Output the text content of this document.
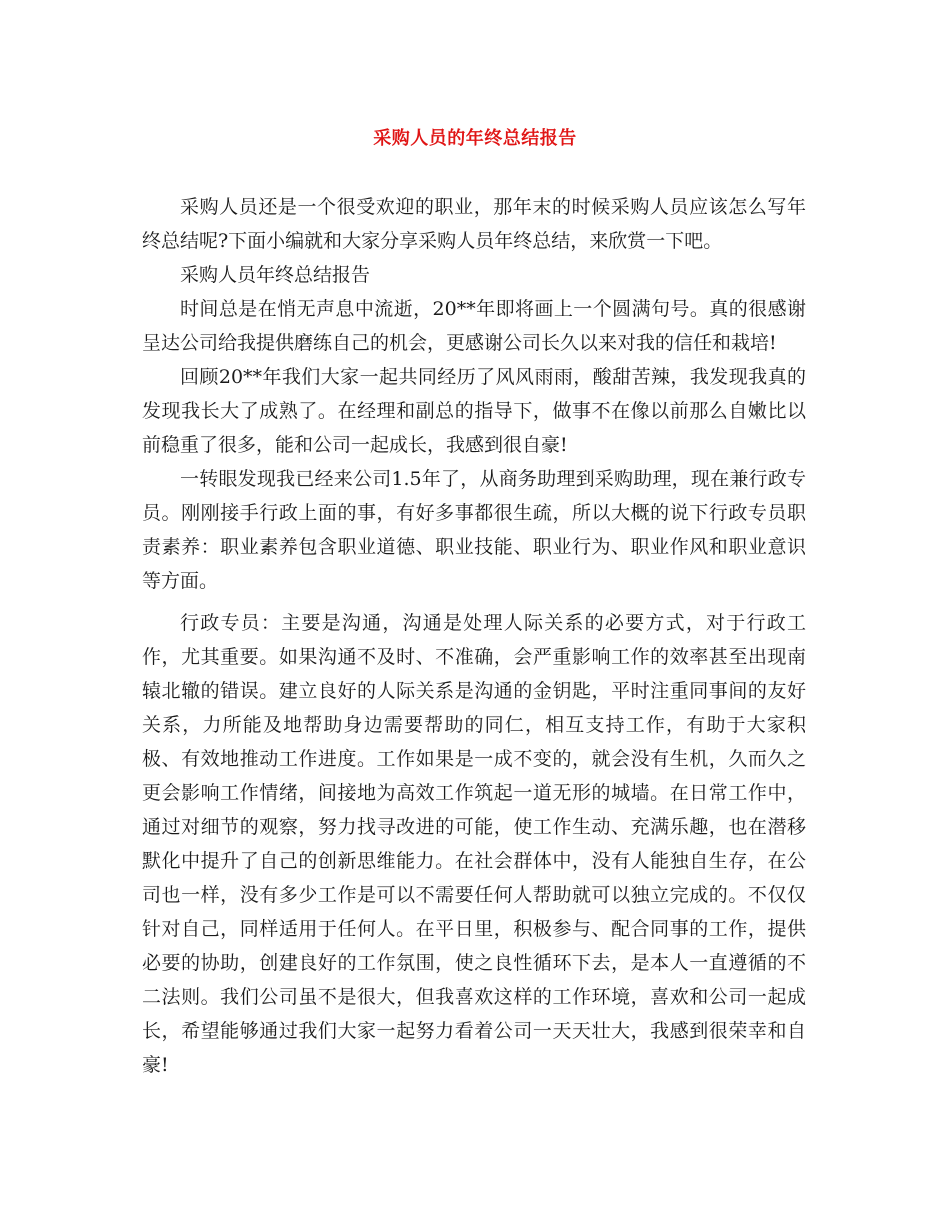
采购人员的年终总结报告

采购人员还是一个很受欢迎的职业，那年末的时候采购人员应该怎么写年终总结呢?下面小编就和大家分享采购人员年终总结，来欣赏一下吧。

采购人员年终总结报告

时间总是在悄无声息中流逝，20**年即将画上一个圆满句号。真的很感谢呈达公司给我提供磨练自己的机会，更感谢公司长久以来对我的信任和栽培!

回顾20**年我们大家一起共同经历了风风雨雨，酸甜苦辣，我发现我真的发现我长大了成熟了。在经理和副总的指导下，做事不在像以前那么自嫩比以前稳重了很多，能和公司一起成长，我感到很自豪!

一转眼发现我已经来公司1.5年了，从商务助理到采购助理，现在兼行政专员。刚刚接手行政上面的事，有好多事都很生疏，所以大概的说下行政专员职责素养：职业素养包含职业道德、职业技能、职业行为、职业作风和职业意识等方面。

行政专员：主要是沟通，沟通是处理人际关系的必要方式，对于行政工作，尤其重要。如果沟通不及时、不准确，会严重影响工作的效率甚至出现南辕北辙的错误。建立良好的人际关系是沟通的金钥匙，平时注重同事间的友好关系，力所能及地帮助身边需要帮助的同仁，相互支持工作，有助于大家积极、有效地推动工作进度。工作如果是一成不变的，就会没有生机，久而久之更会影响工作情绪，间接地为高效工作筑起一道无形的城墙。在日常工作中，通过对细节的观察，努力找寻改进的可能，使工作生动、充满乐趣，也在潜移默化中提升了自己的创新思维能力。在社会群体中，没有人能独自生存，在公司也一样，没有多少工作是可以不需要任何人帮助就可以独立完成的。不仅仅针对自己，同样适用于任何人。在平日里，积极参与、配合同事的工作，提供必要的协助，创建良好的工作氛围，使之良性循环下去，是本人一直遵循的不二法则。我们公司虽不是很大，但我喜欢这样的工作环境，喜欢和公司一起成长，希望能够通过我们大家一起努力看着公司一天天壮大，我感到很荣幸和自豪!
